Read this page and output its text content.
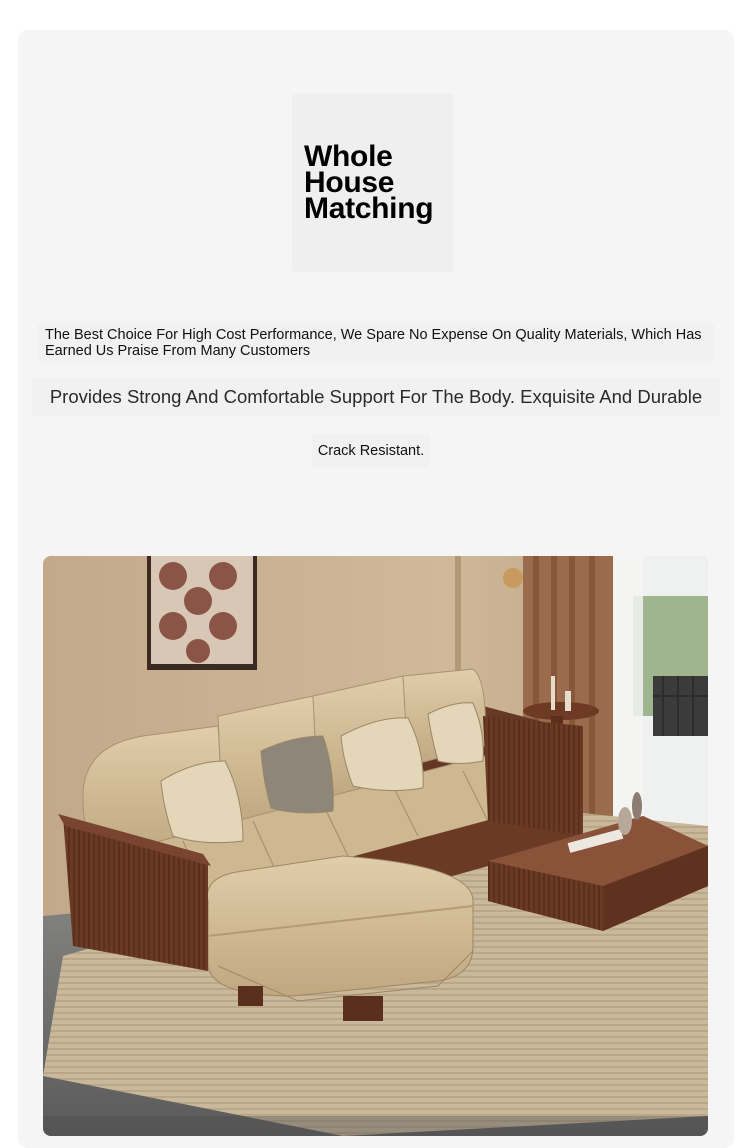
Whole
House
Matching
The Best Choice For High Cost Performance, We Spare No Expense On Quality Materials, Which Has Earned Us Praise From Many Customers
Provides Strong And Comfortable Support For The Body. Exquisite And Durable
Crack Resistant.
